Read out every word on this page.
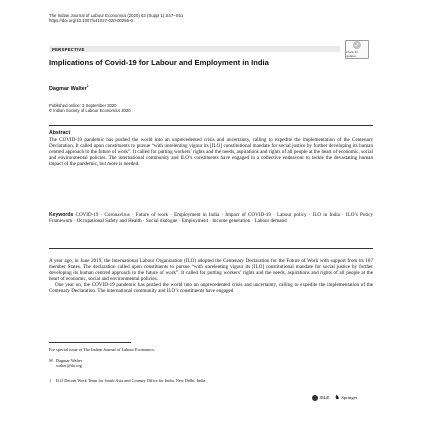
The Indian Journal of Labour Economics (2020) 63 (Suppl 1):S47–S51
https://doi.org/10.1007/s41027-020-00255-0
✓
Check for updates
PERSPECTIVE
Implications of Covid-19 for Labour and Employment in India
Dagmar Walter$^1$
Published online: 3 September 2020
© Indian Society of Labour Economics 2020
Abstract
The COVID-19 pandemic has pushed the world into an unprecedented crisis and uncertainty, calling to expedite the implementation of the Centenary Declaration. It called upon constituents to pursue “with unrelenting vigour its [ILO] constitutional mandate for social justice by further developing its human centred approach to the future of work”. It called for putting workers’ rights and the needs, aspirations and rights of all people at the heart of economic, social and environmental policies. The international community and ILO’s constituents have engaged in a collective endeavour to tackle the devastating human impact of the pandemic, but more is needed.
Keywords COVID-19 · Coronavirus · Future of work · Employment in India · Impact of COVID-19 · Labour policy · ILO in India · ILO’s Policy Framework · Occupational Safety and Health · Social dialogue · Employment · Income generation · Labour demand

A year ago, in June 2019, the International Labour Organization (ILO) adopted the Centenary Declaration for the Future of Work with support from its 187 member States. The declaration called upon constituents to pursue “with unrelenting vigour its [ILO] constitutional mandate for social justice by further developing its human centred approach to the future of work”. It called for putting workers’ rights and the needs, aspirations and rights of all people at the heart of economic, social and environmental policies.

One year on, the COVID-19 pandemic has pushed the world into an unprecedented crisis and uncertainty, calling to expedite the implementation of the Centenary Declaration. The international community and ILO’s constituents have engaged

For special issue of The Indian Journal of Labour Economics.
✉ Dagmar Walter
walter@ilo.org
1 ILO Decent Work Team for South Asia and Country Office for India, New Delhi, India
ISLE ♞ Springer
